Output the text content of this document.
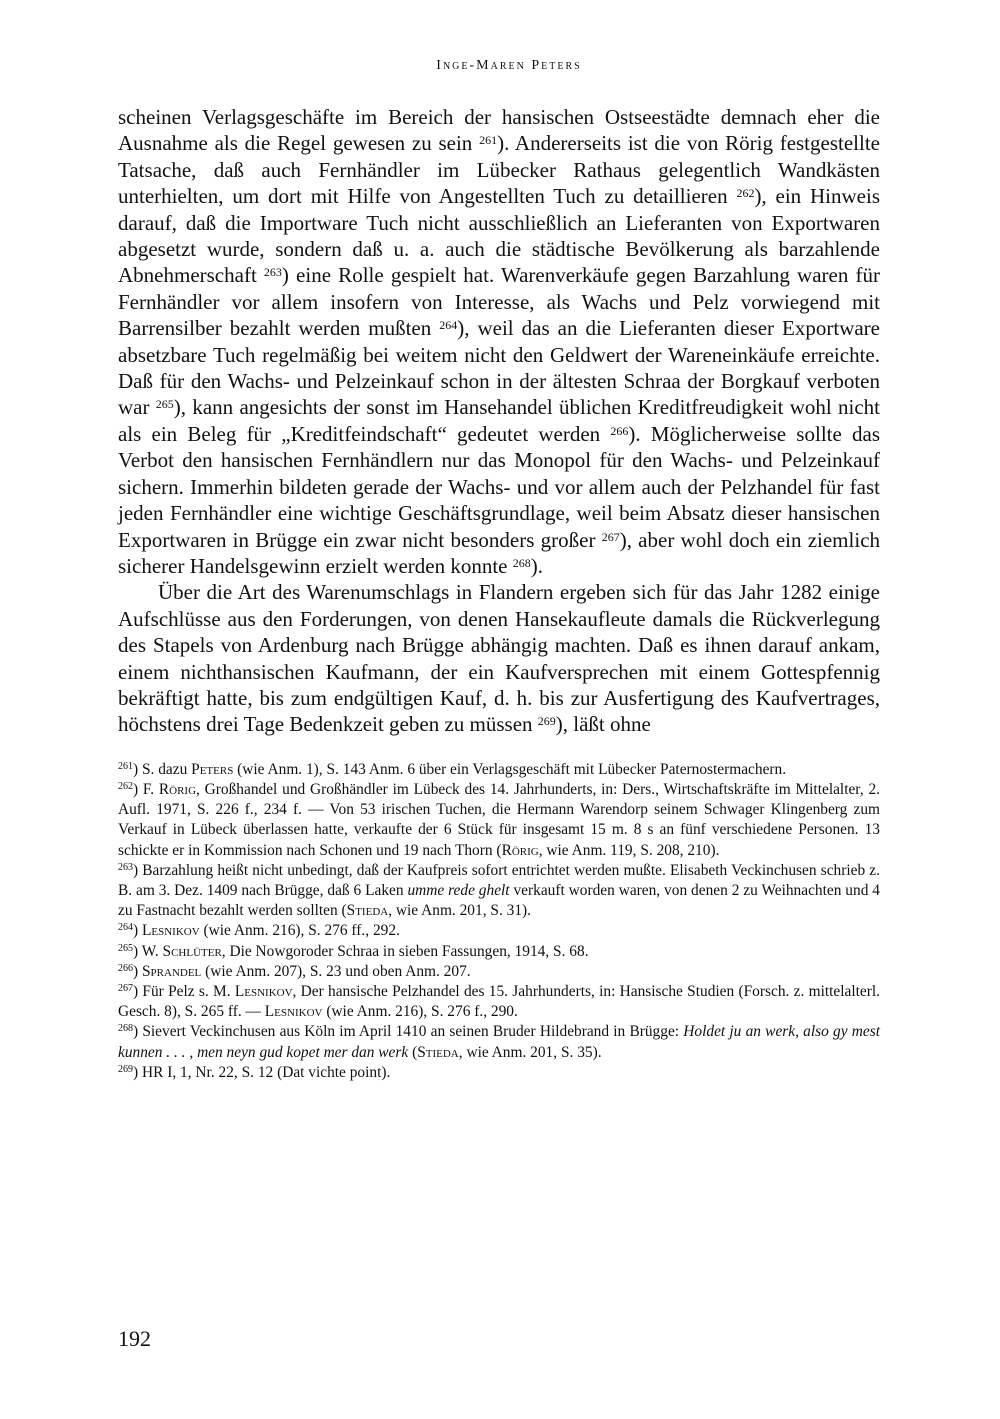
Inge-Maren Peters

scheinen Verlagsgeschäfte im Bereich der hansischen Ostseestädte demnach eher die Ausnahme als die Regel gewesen zu sein $^{261}$). Andererseits ist die von Rörig festgestellte Tatsache, daß auch Fernhändler im Lübecker Rathaus gelegentlich Wandkästen unterhielten, um dort mit Hilfe von Angestellten Tuch zu detaillieren $^{262}$), ein Hinweis darauf, daß die Importware Tuch nicht ausschließlich an Lieferanten von Exportwaren abgesetzt wurde, sondern daß u. a. auch die städtische Bevölkerung als barzahlende Abnehmerschaft $^{263}$) eine Rolle gespielt hat. Warenverkäufe gegen Barzahlung waren für Fernhändler vor allem insofern von Interesse, als Wachs und Pelz vorwiegend mit Barrensilber bezahlt werden mußten $^{264}$), weil das an die Lieferanten dieser Exportware absetzbare Tuch regelmäßig bei weitem nicht den Geldwert der Wareneinkäufe erreichte. Daß für den Wachs- und Pelzeinkauf schon in der ältesten Schraa der Borgkauf verboten war $^{265}$), kann angesichts der sonst im Hansehandel üblichen Kreditfreudigkeit wohl nicht als ein Beleg für „Kreditfeindschaft“ gedeutet werden $^{266}$). Möglicherweise sollte das Verbot den hansischen Fernhändlern nur das Monopol für den Wachs- und Pelzeinkauf sichern. Immerhin bildeten gerade der Wachs- und vor allem auch der Pelzhandel für fast jeden Fernhändler eine wichtige Geschäftsgrundlage, weil beim Absatz dieser hansischen Exportwaren in Brügge ein zwar nicht besonders großer $^{267}$), aber wohl doch ein ziemlich sicherer Handelsgewinn erzielt werden konnte $^{268}$).

Über die Art des Warenumschlags in Flandern ergeben sich für das Jahr 1282 einige Aufschlüsse aus den Forderungen, von denen Hansekaufleute damals die Rückverlegung des Stapels von Ardenburg nach Brügge abhängig machten. Daß es ihnen darauf ankam, einem nichthansischen Kaufmann, der ein Kaufversprechen mit einem Gottespfennig bekräftigt hatte, bis zum endgültigen Kauf, d. h. bis zur Ausfertigung des Kaufvertrages, höchstens drei Tage Bedenkzeit geben zu müssen $^{269}$), läßt ohne

$^{261}$) S. dazu Peters (wie Anm. 1), S. 143 Anm. 6 über ein Verlagsgeschäft mit Lübecker Paternostermachern.

$^{262}$) F. Rörig, Großhandel und Großhändler im Lübeck des 14. Jahrhunderts, in: Ders., Wirtschaftskräfte im Mittelalter, 2. Aufl. 1971, S. 226 f., 234 f. — Von 53 irischen Tuchen, die Hermann Warendorp seinem Schwager Klingenberg zum Verkauf in Lübeck überlassen hatte, verkaufte der 6 Stück für insgesamt 15 m. 8 s an fünf verschiedene Personen. 13 schickte er in Kommission nach Schonen und 19 nach Thorn (Rörig, wie Anm. 119, S. 208, 210).

$^{263}$) Barzahlung heißt nicht unbedingt, daß der Kaufpreis sofort entrichtet werden mußte. Elisabeth Veckinchusen schrieb z. B. am 3. Dez. 1409 nach Brügge, daß 6 Laken umme rede ghelt verkauft worden waren, von denen 2 zu Weihnachten und 4 zu Fastnacht bezahlt werden sollten (Stieda, wie Anm. 201, S. 31).

$^{264}$) Lesnikov (wie Anm. 216), S. 276 ff., 292.

$^{265}$) W. Schlüter, Die Nowgoroder Schraa in sieben Fassungen, 1914, S. 68.

$^{266}$) Sprandel (wie Anm. 207), S. 23 und oben Anm. 207.

$^{267}$) Für Pelz s. M. Lesnikov, Der hansische Pelzhandel des 15. Jahrhunderts, in: Hansische Studien (Forsch. z. mittelalterl. Gesch. 8), S. 265 ff. — Lesnikov (wie Anm. 216), S. 276 f., 290.

$^{268}$) Sievert Veckinchusen aus Köln im April 1410 an seinen Bruder Hildebrand in Brügge: Holdet ju an werk, also gy mest kunnen . . . , men neyn gud kopet mer dan werk (Stieda, wie Anm. 201, S. 35).

$^{269}$) HR I, 1, Nr. 22, S. 12 (Dat vichte point).

192
